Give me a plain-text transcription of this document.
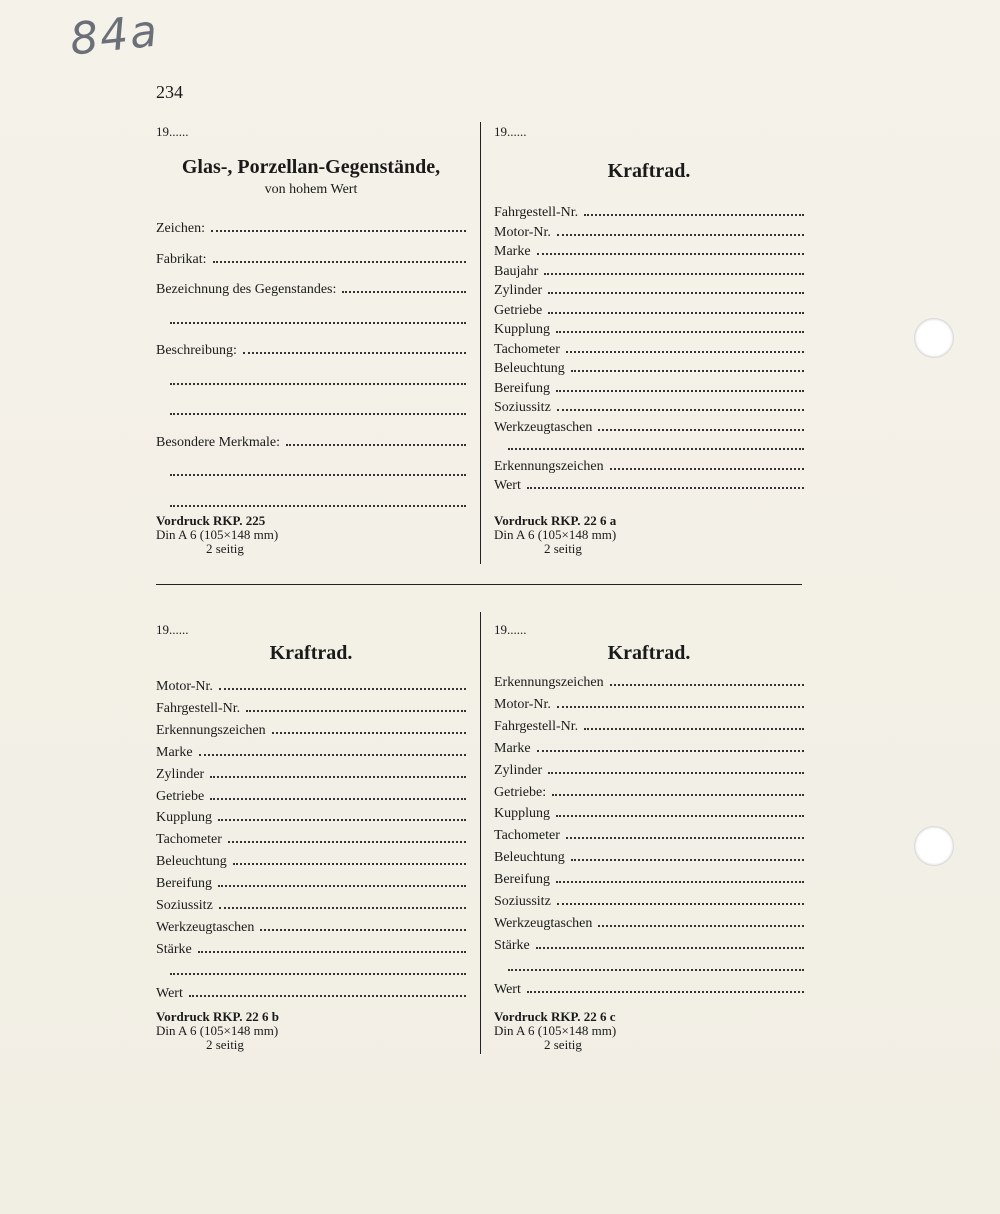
84a
234
19......
Glas-, Porzellan-Gegenstände,
von hohem Wert
Zeichen:
Fabrikat:
Bezeichnung des Gegenstandes:
Beschreibung:
Besondere Merkmale:
Vordruck RKP. 225
Din A 6 (105×148 mm)
2 seitig
19......
Kraftrad.
Fahrgestell-Nr.
Motor-Nr.
Marke
Baujahr
Zylinder
Getriebe
Kupplung
Tachometer
Beleuchtung
Bereifung
Soziussitz
Werkzeugtaschen
Erkennungszeichen
Wert
Vordruck RKP. 22 6 a
Din A 6 (105×148 mm)
2 seitig
19......
Kraftrad.
Motor-Nr.
Fahrgestell-Nr.
Erkennungszeichen
Marke
Zylinder
Getriebe
Kupplung
Tachometer
Beleuchtung
Bereifung
Soziussitz
Werkzeugtaschen
Stärke
Wert
Vordruck RKP. 22 6 b
Din A 6 (105×148 mm)
2 seitig
19......
Kraftrad.
Erkennungszeichen
Motor-Nr.
Fahrgestell-Nr.
Marke
Zylinder
Getriebe:
Kupplung
Tachometer
Beleuchtung
Bereifung
Soziussitz
Werkzeugtaschen
Stärke
Wert
Vordruck RKP. 22 6 c
Din A 6 (105×148 mm)
2 seitig
